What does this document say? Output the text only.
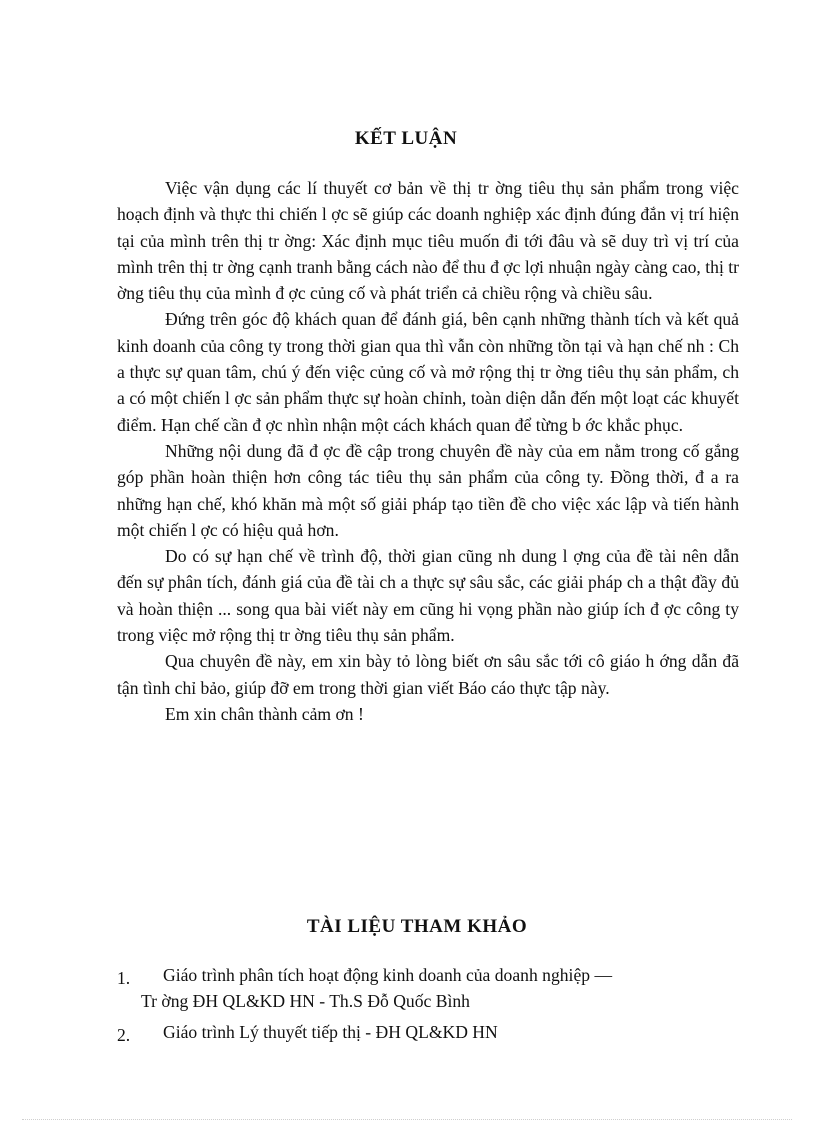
KẾT LUẬN

Việc vận dụng các lí thuyết cơ bản về thị tr ờng tiêu thụ sản phẩm trong việc hoạch định và thực thi chiến l ợc sẽ giúp các doanh nghiệp xác định đúng đắn vị trí hiện tại của mình trên thị tr ờng: Xác định mục tiêu muốn đi tới đâu và sẽ duy trì vị trí của mình trên thị tr ờng cạnh tranh bằng cách nào để thu đ ợc lợi nhuận ngày càng cao, thị tr ờng tiêu thụ của mình đ ợc củng cố và phát triển cả chiều rộng và chiều sâu.

Đứng trên góc độ khách quan để đánh giá, bên cạnh những thành tích và kết quả kinh doanh của công ty trong thời gian qua thì vẫn còn những tồn tại và hạn chế nh : Ch a thực sự quan tâm, chú ý đến việc củng cố và mở rộng thị tr ờng tiêu thụ sản phẩm, ch a có một chiến l ợc sản phẩm thực sự hoàn chỉnh, toàn diện dẫn đến một loạt các khuyết điểm. Hạn chế cần đ ợc nhìn nhận một cách khách quan để từng b ớc khắc phục.

Những nội dung đã đ ợc đề cập trong chuyên đề này của em nằm trong cố gắng góp phần hoàn thiện hơn công tác tiêu thụ sản phẩm của công ty. Đồng thời, đ a ra những hạn chế, khó khăn mà một số giải pháp tạo tiền đề cho việc xác lập và tiến hành một chiến l ợc có hiệu quả hơn.

Do có sự hạn chế về trình độ, thời gian cũng nh dung l ợng của đề tài nên dẫn đến sự phân tích, đánh giá của đề tài ch a thực sự sâu sắc, các giải pháp ch a thật đầy đủ và hoàn thiện ... song qua bài viết này em cũng hi vọng phần nào giúp ích đ ợc công ty trong việc mở rộng thị tr ờng tiêu thụ sản phẩm.

Qua chuyên đề này, em xin bày tỏ lòng biết ơn sâu sắc tới cô giáo h ớng dẫn đã tận tình chỉ bảo, giúp đỡ em trong thời gian viết Báo cáo thực tập này.

Em xin chân thành cảm ơn !

TÀI LIỆU THAM KHẢO
1.	Giáo trình phân tích hoạt động kinh doanh của doanh nghiệp —
Tr ờng ĐH QL&KD HN - Th.S Đỗ Quốc Bình
2.	Giáo trình Lý thuyết tiếp thị - ĐH QL&KD HN
